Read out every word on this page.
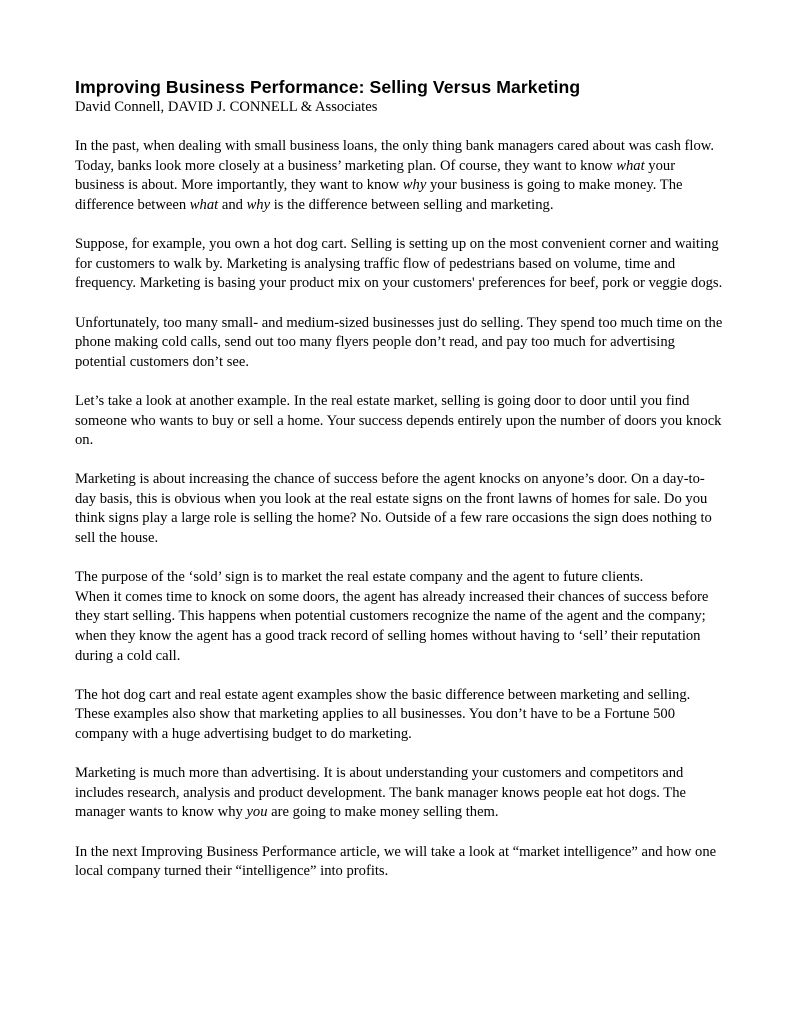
Improving Business Performance: Selling Versus Marketing
David Connell, DAVID J. CONNELL & Associates

In the past, when dealing with small business loans, the only thing bank managers cared about was cash flow. Today, banks look more closely at a business’ marketing plan. Of course, they want to know what your business is about. More importantly, they want to know why your business is going to make money. The difference between what and why is the difference between selling and marketing.

Suppose, for example, you own a hot dog cart. Selling is setting up on the most convenient corner and waiting for customers to walk by. Marketing is analysing traffic flow of pedestrians based on volume, time and frequency. Marketing is basing your product mix on your customers' preferences for beef, pork or veggie dogs.

Unfortunately, too many small- and medium-sized businesses just do selling. They spend too much time on the phone making cold calls, send out too many flyers people don’t read, and pay too much for advertising potential customers don’t see.

Let’s take a look at another example. In the real estate market, selling is going door to door until you find someone who wants to buy or sell a home. Your success depends entirely upon the number of doors you knock on.

Marketing is about increasing the chance of success before the agent knocks on anyone’s door. On a day-to-day basis, this is obvious when you look at the real estate signs on the front lawns of homes for sale. Do you think signs play a large role is selling the home? No. Outside of a few rare occasions the sign does nothing to sell the house.

The purpose of the ‘sold’ sign is to market the real estate company and the agent to future clients.
When it comes time to knock on some doors, the agent has already increased their chances of success before they start selling. This happens when potential customers recognize the name of the agent and the company; when they know the agent has a good track record of selling homes without having to ‘sell’ their reputation during a cold call.

The hot dog cart and real estate agent examples show the basic difference between marketing and selling. These examples also show that marketing applies to all businesses. You don’t have to be a Fortune 500 company with a huge advertising budget to do marketing.

Marketing is much more than advertising. It is about understanding your customers and competitors and includes research, analysis and product development. The bank manager knows people eat hot dogs. The manager wants to know why you are going to make money selling them.

In the next Improving Business Performance article, we will take a look at “market intelligence” and how one local company turned their “intelligence” into profits.
